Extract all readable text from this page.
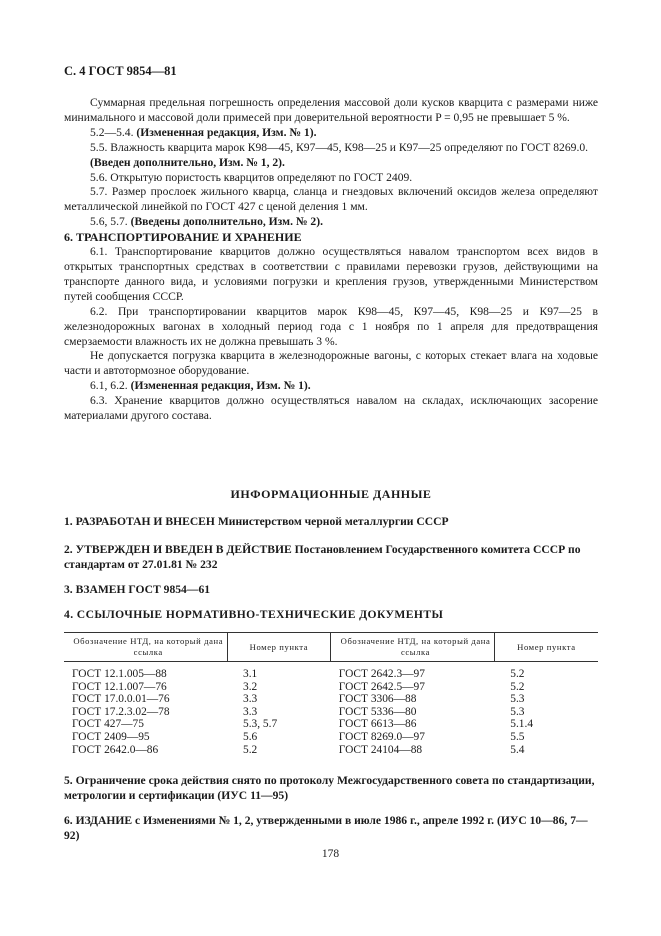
С. 4 ГОСТ 9854—81

Суммарная предельная погрешность определения массовой доли кусков кварцита с размерами ниже минимального и массовой доли примесей при доверительной вероятности P = 0,95 не превышает 5 %.

5.2—5.4. (Измененная редакция, Изм. № 1).

5.5. Влажность кварцита марок К98—45, К97—45, К98—25 и К97—25 определяют по ГОСТ 8269.0.

(Введен дополнительно, Изм. № 1, 2).

5.6. Открытую пористость кварцитов определяют по ГОСТ 2409.

5.7. Размер прослоек жильного кварца, сланца и гнездовых включений оксидов железа определяют металлической линейкой по ГОСТ 427 с ценой деления 1 мм.

5.6, 5.7. (Введены дополнительно, Изм. № 2).

6. ТРАНСПОРТИРОВАНИЕ И ХРАНЕНИЕ

6.1. Транспортирование кварцитов должно осуществляться навалом транспортом всех видов в открытых транспортных средствах в соответствии с правилами перевозки грузов, действующими на транспорте данного вида, и условиями погрузки и крепления грузов, утвержденными Министерством путей сообщения СССР.

6.2. При транспортировании кварцитов марок К98—45, К97—45, К98—25 и К97—25 в железнодорожных вагонах в холодный период года с 1 ноября по 1 апреля для предотвращения смерзаемости влажность их не должна превышать 3 %.

Не допускается погрузка кварцита в железнодорожные вагоны, с которых стекает влага на ходовые части и автотормозное оборудование.

6.1, 6.2. (Измененная редакция, Изм. № 1).

6.3. Хранение кварцитов должно осуществляться навалом на складах, исключающих засорение материалами другого состава.

ИНФОРМАЦИОННЫЕ ДАННЫЕ
1. РАЗРАБОТАН И ВНЕСЕН Министерством черной металлургии СССР
2. УТВЕРЖДЕН И ВВЕДЕН В ДЕЙСТВИЕ Постановлением Государственного комитета СССР по стандартам от 27.01.81 № 232
3. ВЗАМЕН ГОСТ 9854—61
4. ССЫЛОЧНЫЕ НОРМАТИВНО-ТЕХНИЧЕСКИЕ ДОКУМЕНТЫ
Обозначение НТД, на который дана ссылка	Номер пункта	Обозначение НТД, на который дана ссылка	Номер пункта

ГОСТ 12.1.005—88	3.1	ГОСТ 2642.3—97	5.2
ГОСТ 12.1.007—76	3.2	ГОСТ 2642.5—97	5.2
ГОСТ 17.0.0.01—76	3.3	ГОСТ 3306—88	5.3
ГОСТ 17.2.3.02—78	3.3	ГОСТ 5336—80	5.3
ГОСТ 427—75	5.3, 5.7	ГОСТ 6613—86	5.1.4
ГОСТ 2409—95	5.6	ГОСТ 8269.0—97	5.5
ГОСТ 2642.0—86	5.2	ГОСТ 24104—88	5.4
5. Ограничение срока действия снято по протоколу Межгосударственного совета по стандартизации, метрологии и сертификации (ИУС 11—95)
6. ИЗДАНИЕ с Изменениями № 1, 2, утвержденными в июле 1986 г., апреле 1992 г. (ИУС 10—86, 7—92)
178
